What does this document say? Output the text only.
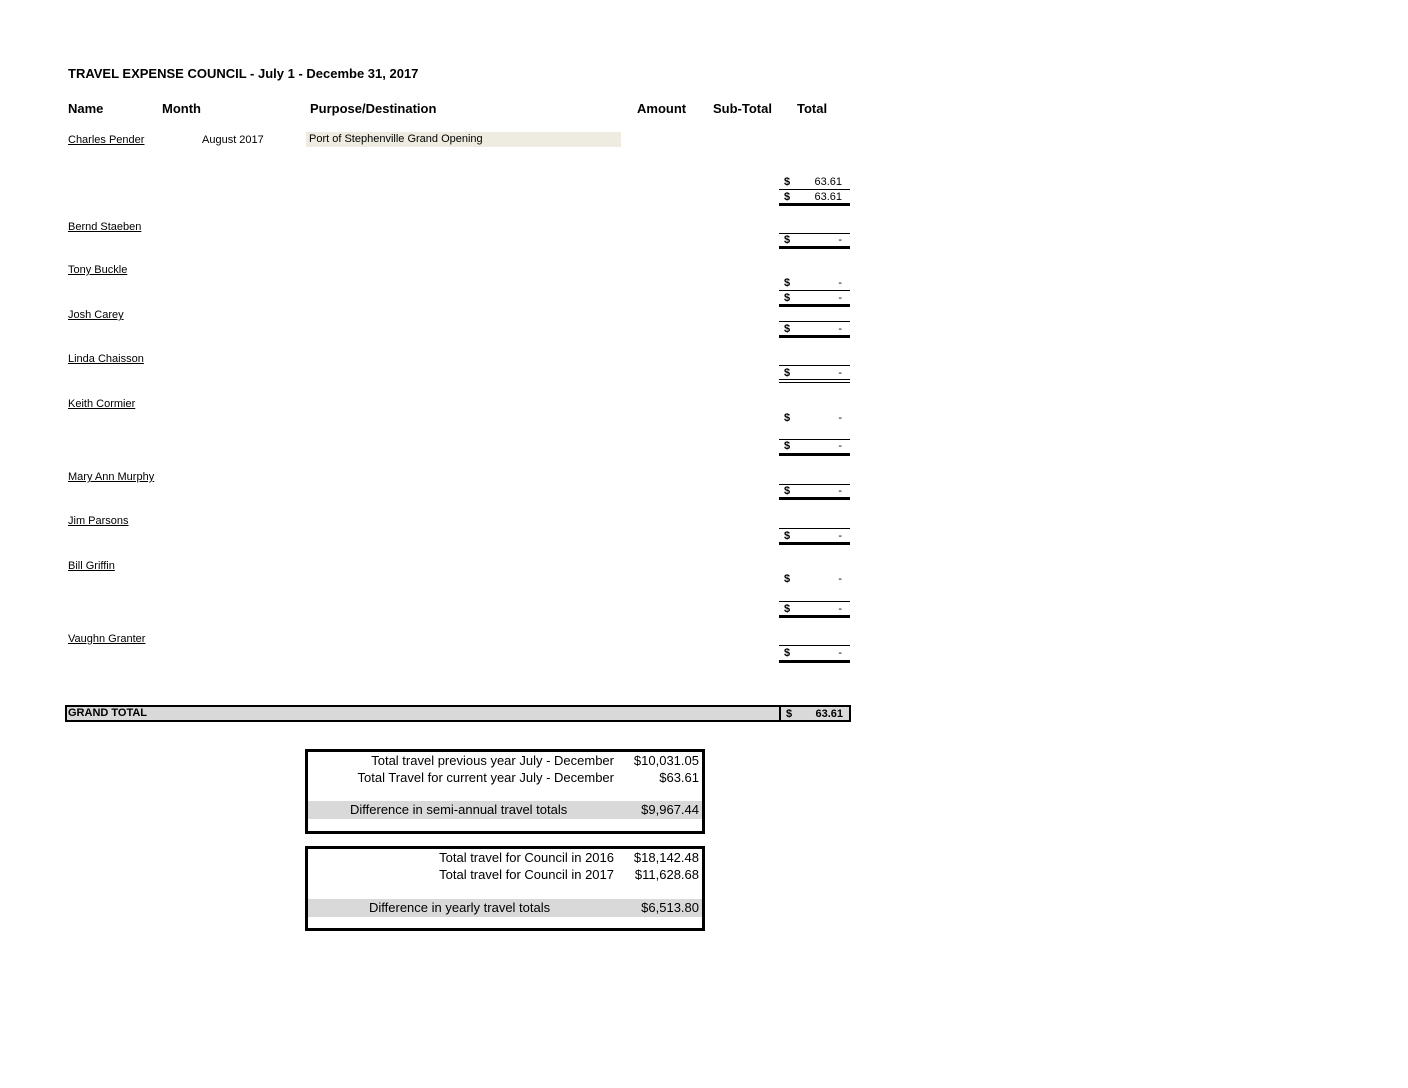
TRAVEL EXPENSE COUNCIL - July 1 - Decembe 31, 2017
Name	Month	Purpose/Destination	Amount Sub-Total Total
Charles Pender	August 2017	Port of Stephenville Grand Opening
$ 63.61
$ 63.61
Bernd Staeben
$	-
Tony Buckle
$	-
$	-
Josh Carey
$	-
Linda Chaisson
$	-
Keith Cormier
$	-
$	-
Mary Ann Murphy
$	-
Jim Parsons
$	-
Bill Griffin
$	-
$	-
Vaughn Granter
$	-
GRAND TOTAL	$ 63.61
Total travel previous year July - December $10,031.05
Total Travel for current year July - December	$63.61
Difference in semi-annual travel totals	$9,967.44
Total travel for Council in 2016 $18,142.48
Total travel for Council in 2017 $11,628.68
Difference in yearly travel totals	$6,513.80
